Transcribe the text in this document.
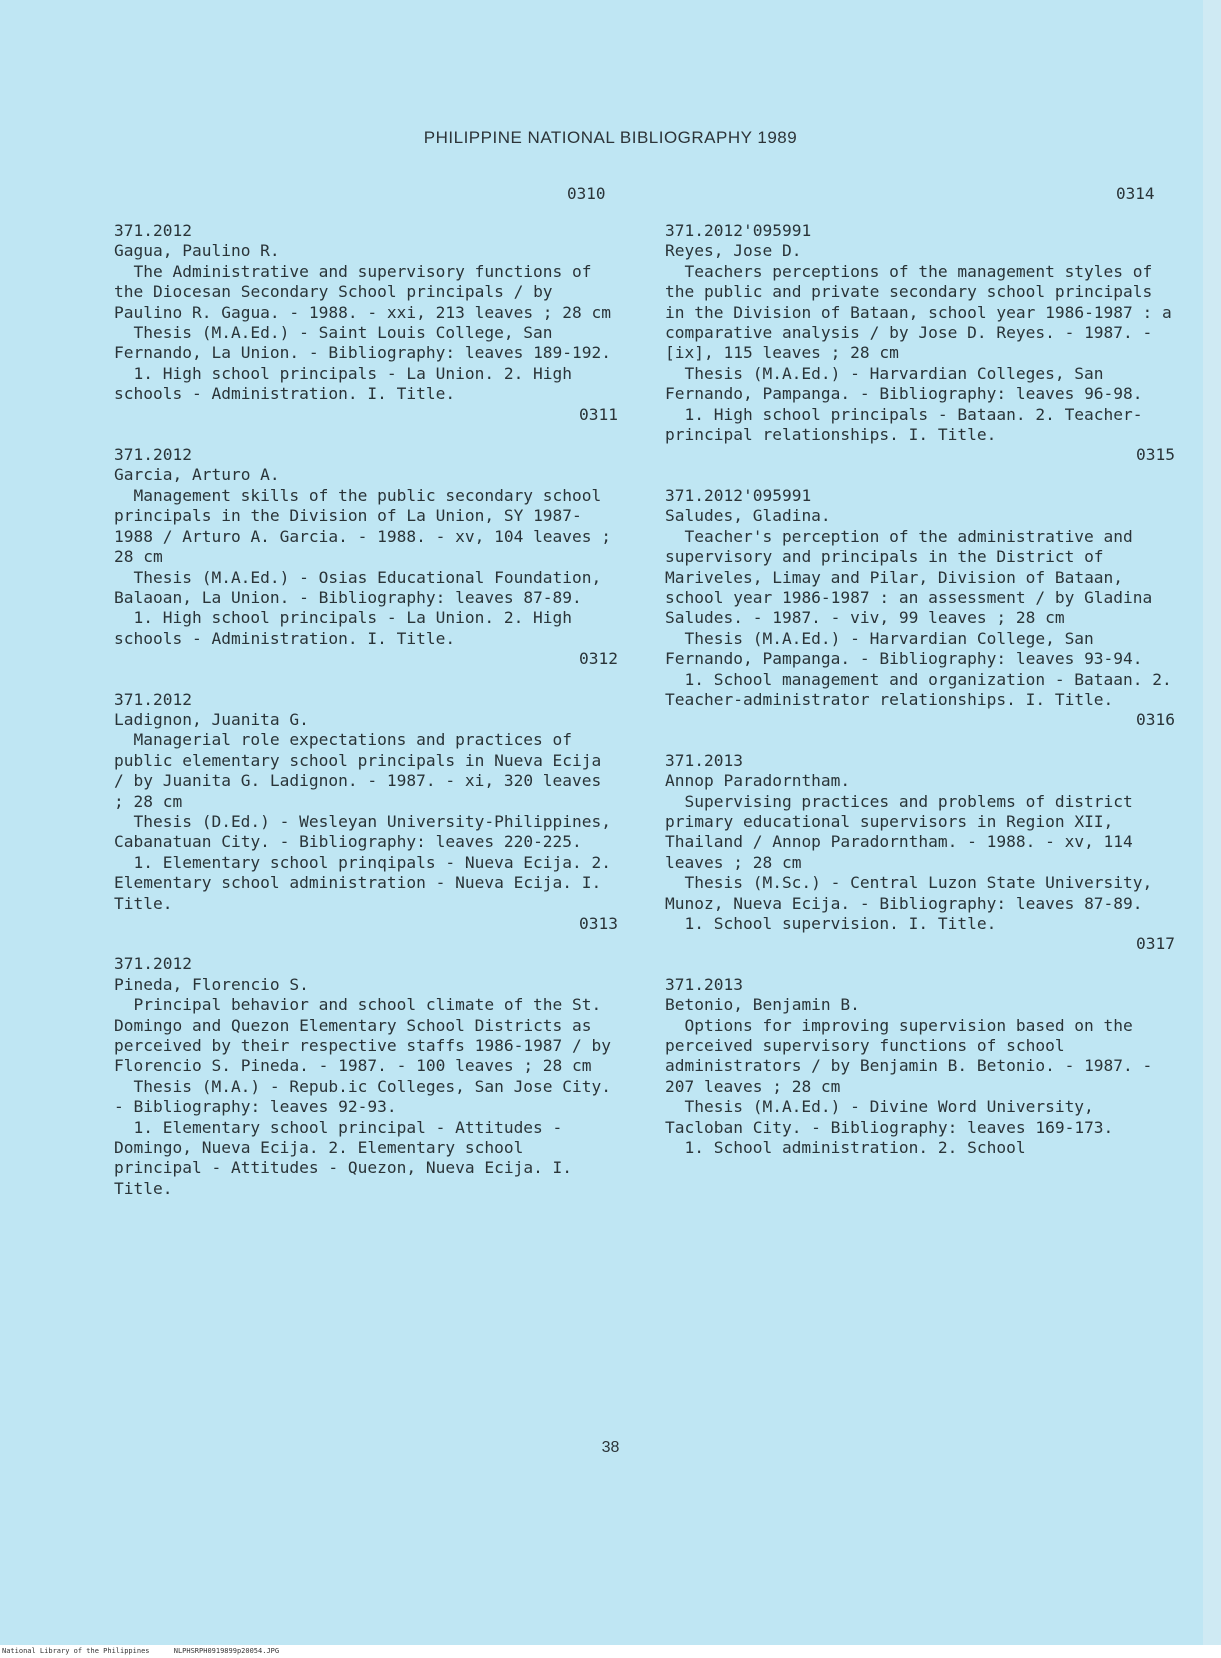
PHILIPPINE NATIONAL BIBLIOGRAPHY 1989
0310	0314

371.2012

Gagua, Paulino R.

The Administrative and supervisory functions of the Diocesan Secondary School principals / by Paulino R. Gagua. - 1988. - xxi, 213 leaves ; 28 cm

Thesis (M.A.Ed.) - Saint Louis College, San Fernando, La Union. - Bibliography: leaves 189-192.

1. High school principals - La Union. 2. High schools - Administration. I. Title.

0311

371.2012

Garcia, Arturo A.

Management skills of the public secondary school principals in the Division of La Union, SY 1987-1988 / Arturo A. Garcia. - 1988. - xv, 104 leaves ; 28 cm

Thesis (M.A.Ed.) - Osias Educational Foundation, Balaoan, La Union. - Bibliography: leaves 87-89.

1. High school principals - La Union. 2. High schools - Administration. I. Title.

0312

371.2012

Ladignon, Juanita G.

Managerial role expectations and practices of public elementary school principals in Nueva Ecija / by Juanita G. Ladignon. - 1987. - xi, 320 leaves ; 28 cm

Thesis (D.Ed.) - Wesleyan University-Philippines, Cabanatuan City. - Bibliography: leaves 220-225.

1. Elementary school prinqipals - Nueva Ecija. 2. Elementary school administration - Nueva Ecija. I. Title.

0313

371.2012

Pineda, Florencio S.

Principal behavior and school climate of the St. Domingo and Quezon Elementary School Districts as perceived by their respective staffs 1986-1987 / by Florencio S. Pineda. - 1987. - 100 leaves ; 28 cm

Thesis (M.A.) - Repub.ic Colleges, San Jose City. - Bibliography: leaves 92-93.

1. Elementary school principal - Attitudes - Domingo, Nueva Ecija. 2. Elementary school principal - Attitudes - Quezon, Nueva Ecija. I. Title.

371.2012'095991

Reyes, Jose D.

Teachers perceptions of the management styles of the public and private secondary school principals in the Division of Bataan, school year 1986-1987 : a comparative analysis / by Jose D. Reyes. - 1987. - [ix], 115 leaves ; 28 cm

Thesis (M.A.Ed.) - Harvardian Colleges, San Fernando, Pampanga. - Bibliography: leaves 96-98.

1. High school principals - Bataan. 2. Teacher-principal relationships. I. Title.

0315

371.2012'095991

Saludes, Gladina.

Teacher's perception of the administrative and supervisory and principals in the District of Mariveles, Limay and Pilar, Division of Bataan, school year 1986-1987 : an assessment / by Gladina Saludes. - 1987. - viv, 99 leaves ; 28 cm

Thesis (M.A.Ed.) - Harvardian College, San Fernando, Pampanga. - Bibliography: leaves 93-94.

1. School management and organization - Bataan. 2. Teacher-administrator relationships. I. Title.

0316

371.2013

Annop Paradorntham.

Supervising practices and problems of district primary educational supervisors in Region XII, Thailand / Annop Paradorntham. - 1988. - xv, 114 leaves ; 28 cm

Thesis (M.Sc.) - Central Luzon State University, Munoz, Nueva Ecija. - Bibliography: leaves 87-89.

1. School supervision. I. Title.

0317

371.2013

Betonio, Benjamin B.

Options for improving supervision based on the perceived supervisory functions of school administrators / by Benjamin B. Betonio. - 1987. - 207 leaves ; 28 cm

Thesis (M.A.Ed.) - Divine Word University, Tacloban City. - Bibliography: leaves 169-173.

1. School administration. 2. School

38
National Library of the Philippines	NLPHSRPH0919899p20054.JPG
